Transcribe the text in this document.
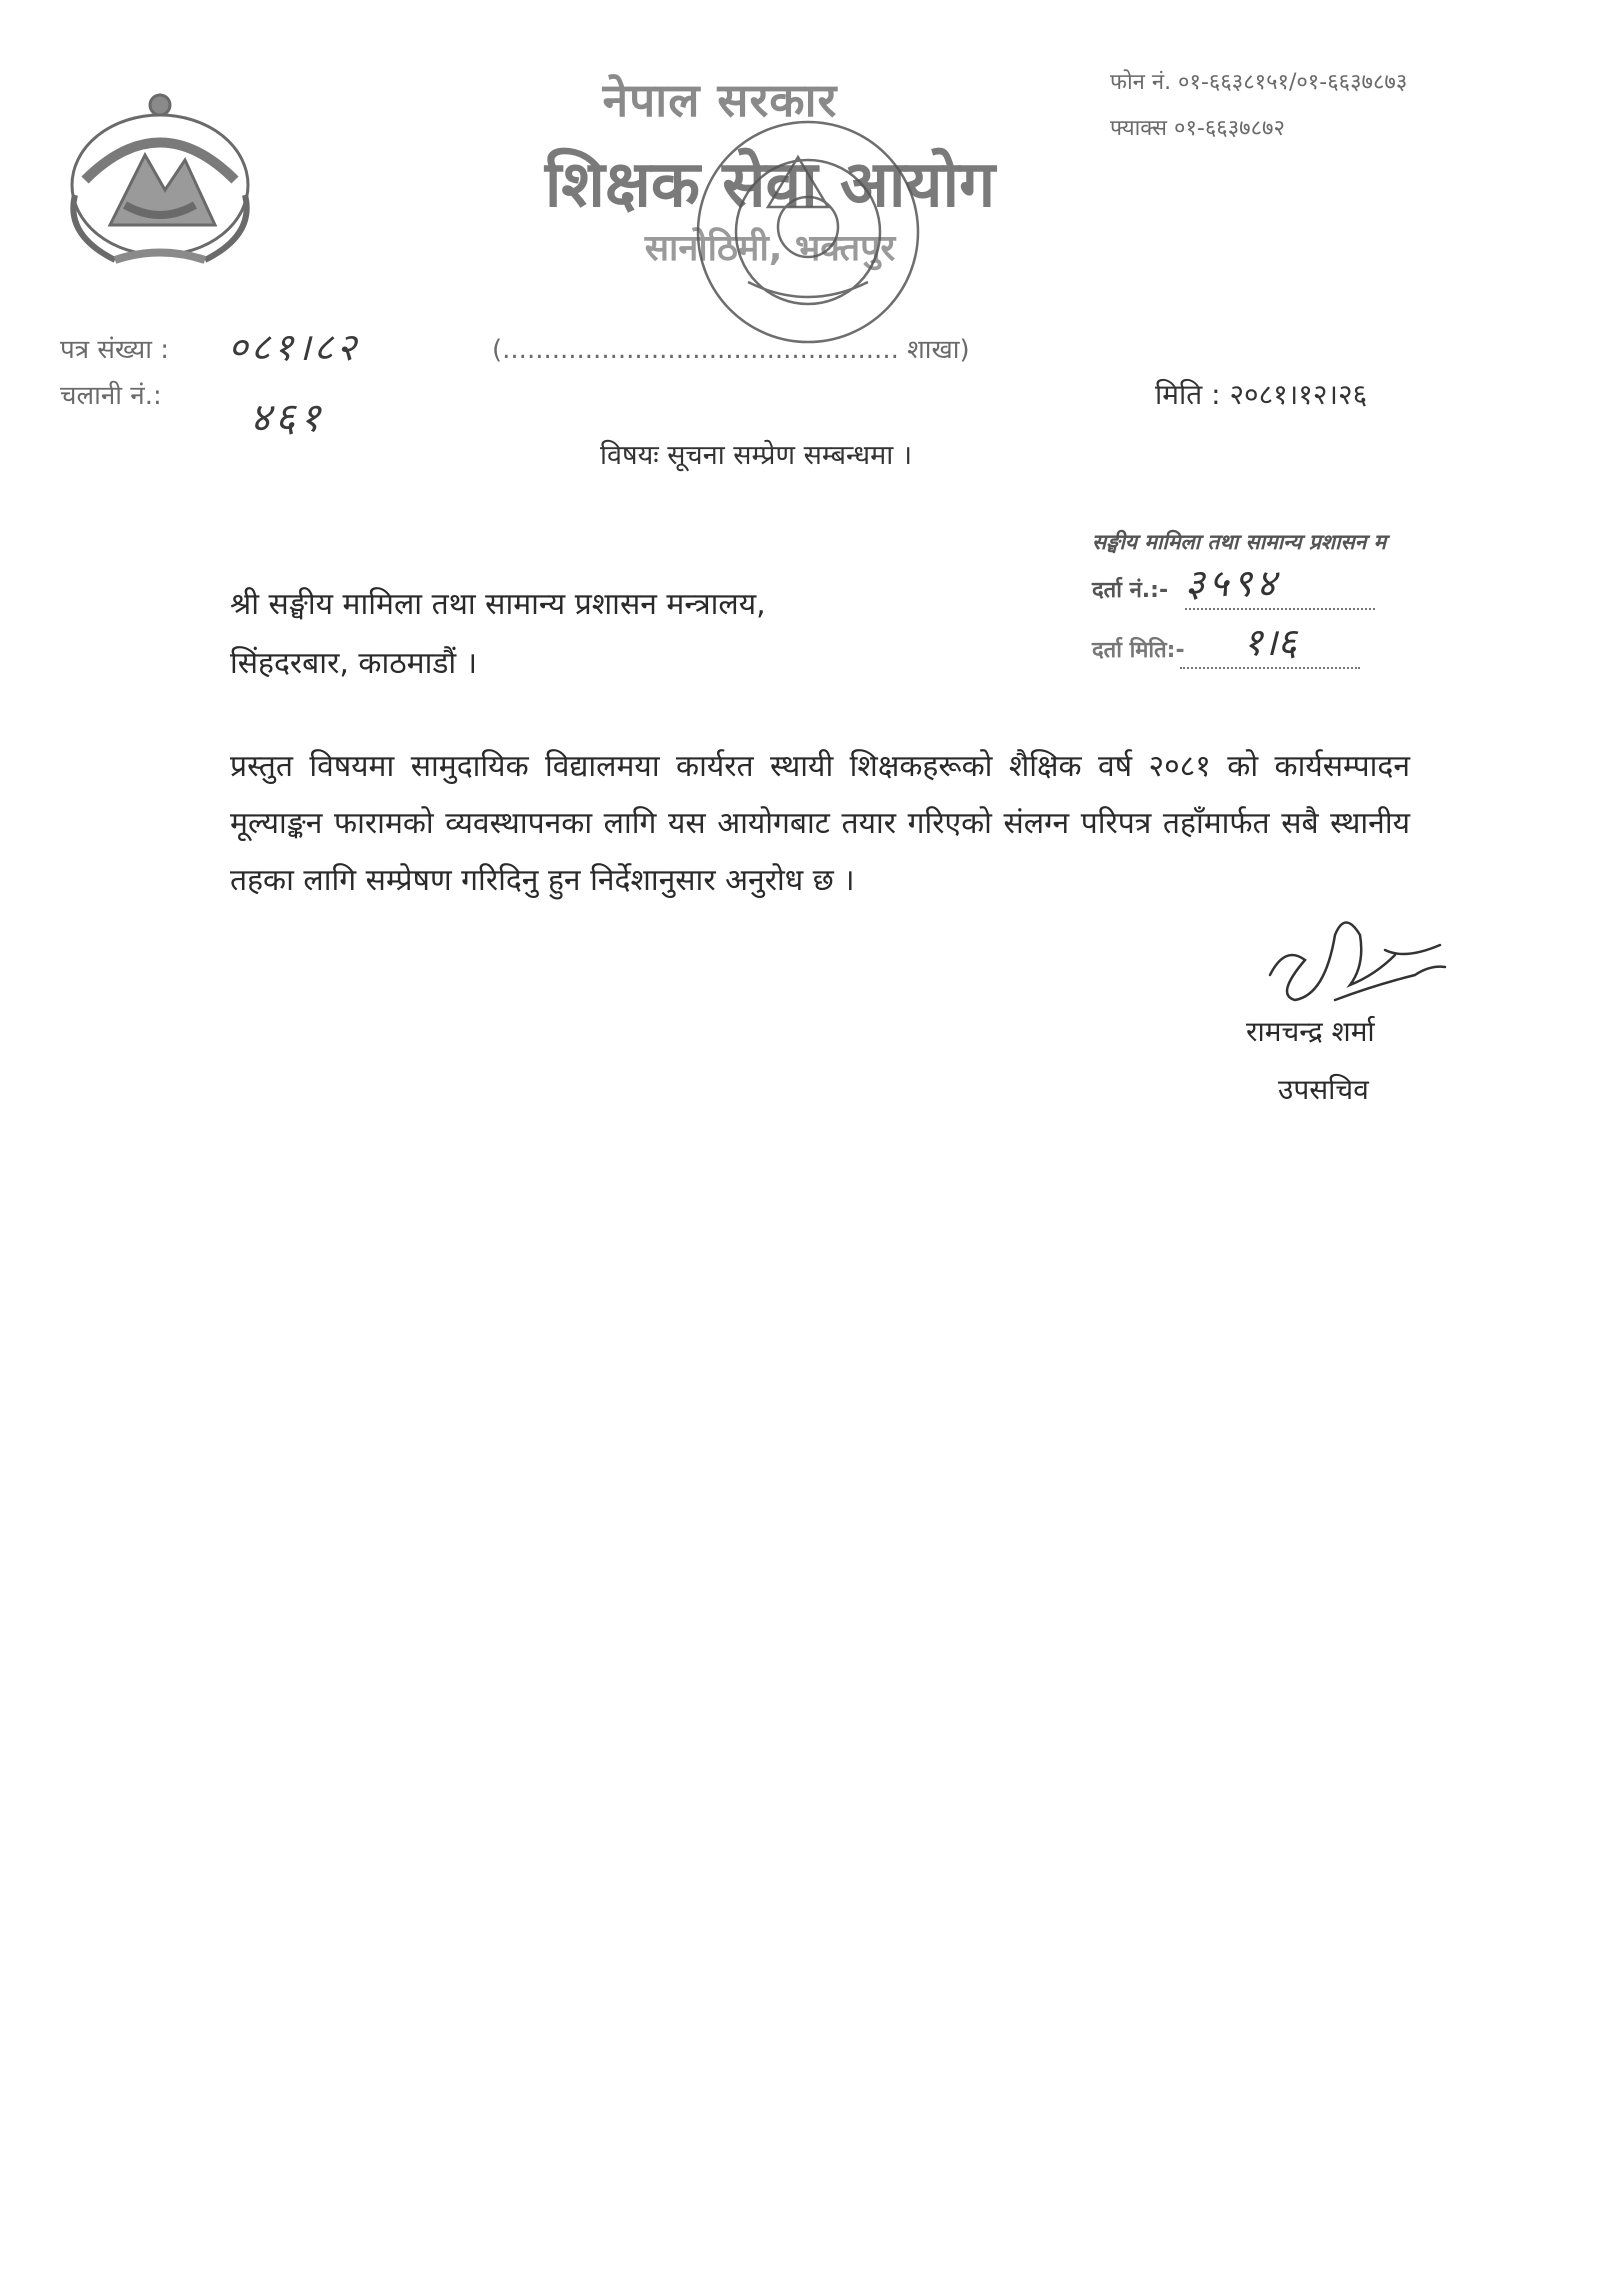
नेपाल सरकार
शिक्षक सेवा आयोग
सानोठिमी, भक्तपुर
फोन नं. ०१-६६३८१५१/०१-६६३७८७३
फ्याक्स ०१-६६३७८७२
पत्र संख्या : ०८१।८२	(................................................ शाखा)
चलानी नं.: ४६१
मिति : २०८१।१२।२६
विषयः सूचना सम्प्रेण सम्बन्धमा ।
सङ्घीय मामिला तथा सामान्य प्रशासन म
दर्ता नं.:- ३५९४
दर्ता मिति:-	१।६
श्री सङ्घीय मामिला तथा सामान्य प्रशासन मन्त्रालय,
सिंहदरबार, काठमाडौं ।
प्रस्तुत विषयमा सामुदायिक विद्यालमया कार्यरत स्थायी शिक्षकहरूको शैक्षिक वर्ष २०८१ को कार्यसम्पादन मूल्याङ्कन फारामको व्यवस्थापनका लागि यस आयोगबाट तयार गरिएको संलग्न परिपत्र तहाँमार्फत सबै स्थानीय तहका लागि सम्प्रेषण गरिदिनु हुन निर्देशानुसार अनुरोध छ ।
रामचन्द्र शर्मा
उपसचिव
